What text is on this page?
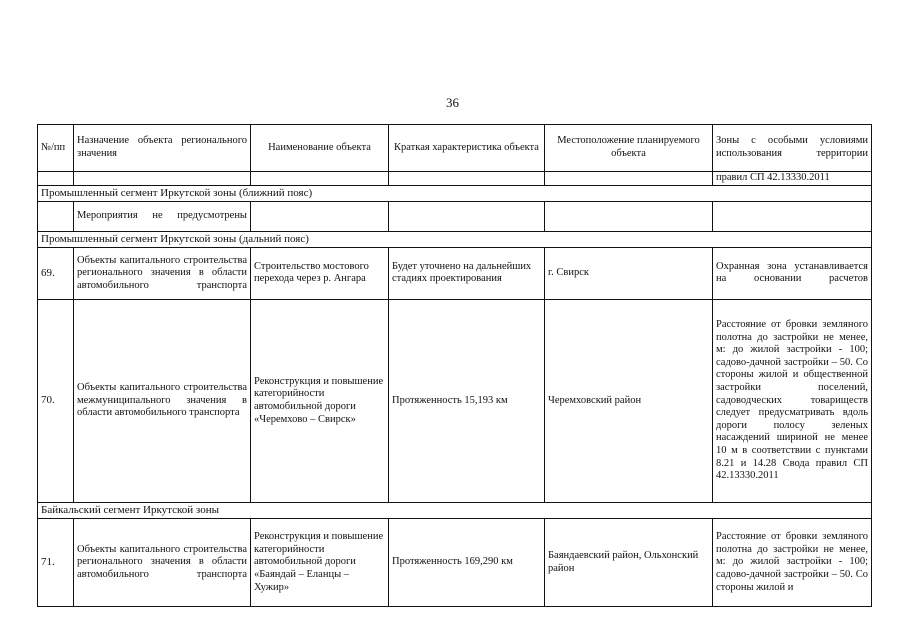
36
№/пп	Назначение объекта регионального значения	Наименование объекта	Краткая характеристика объекта	Местоположение планируемого объекта	Зоны с особыми условиями использования территории
					правил СП 42.13330.2011
Промышленный сегмент Иркутской зоны (ближний пояс)					
	Мероприятия не предусмотрены				
Промышленный сегмент Иркутской зоны (дальний пояс)					
69.	Объекты капитального строительства регионального значения в области автомобильного транспорта	Строительство мостового перехода через р. Ангара	Будет уточнено на дальнейших стадиях проектирования	г. Свирск	Охранная зона устанавливается на основании расчетов
70.	Объекты капитального строительства межмуниципального значения в области автомобильного транспорта	Реконструкция и повышение категорийности автомобильной дороги «Черемхово – Свирск»	Протяженность 15,193 км	Черемховский район	Расстояние от бровки земляного полотна до застройки не менее, м: до жилой застройки - 100; садово-дачной застройки – 50. Со стороны жилой и общественной застройки поселений, садоводческих товариществ следует предусматривать вдоль дороги полосу зеленых насаждений шириной не менее 10 м в соответствии с пунктами 8.21 и 14.28 Свода правил СП 42.13330.2011
Байкальский сегмент Иркутской зоны					
71.	Объекты капитального строительства регионального значения в области автомобильного транспорта	Реконструкция и повышение категорийности автомобильной дороги «Баяндай – Еланцы – Хужир»	Протяженность 169,290 км	Баяндаевский район, Ольхонский район	Расстояние от бровки земляного полотна до застройки не менее, м: до жилой застройки - 100; садово-дачной застройки – 50. Со стороны жилой и
